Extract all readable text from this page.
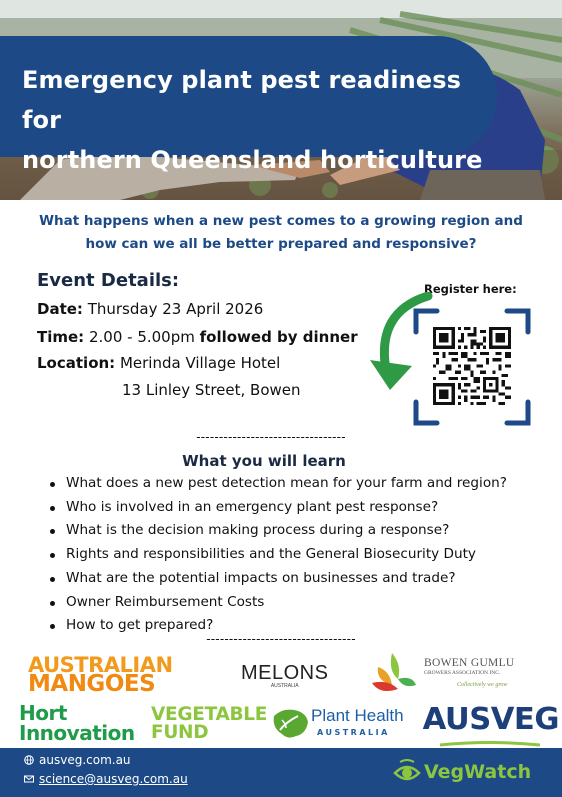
Emergency plant pest readiness for
northern Queensland horticulture
What happens when a new pest comes to a growing region and
how can we all be better prepared and responsive?
Event Details:
Date: Thursday 23 April 2026
Time: 2.00 - 5.00pm followed by dinner
Location: Merinda Village Hotel
13 Linley Street, Bowen
Register here:
---------------------------------
What you will learn
What does a new pest detection mean for your farm and region?
Who is involved in an emergency plant pest response?
What is the decision making process during a response?
Rights and responsibilities and the General Biosecurity Duty
What are the potential impacts on businesses and trade?
Owner Reimbursement Costs
How to get prepared?
---------------------------------
AUSTRALIAN
MANGOES	MELONS
AUSTRALIA
BOWEN GUMLU
GROWERS ASSOCIATION INC.
Collectively we grow
Hort
Innovation
VEGETABLE
FUND
Plant Health
AUSTRALIA AUSVEG
ausveg.com.au
science@ausveg.com.au	VegWatch
